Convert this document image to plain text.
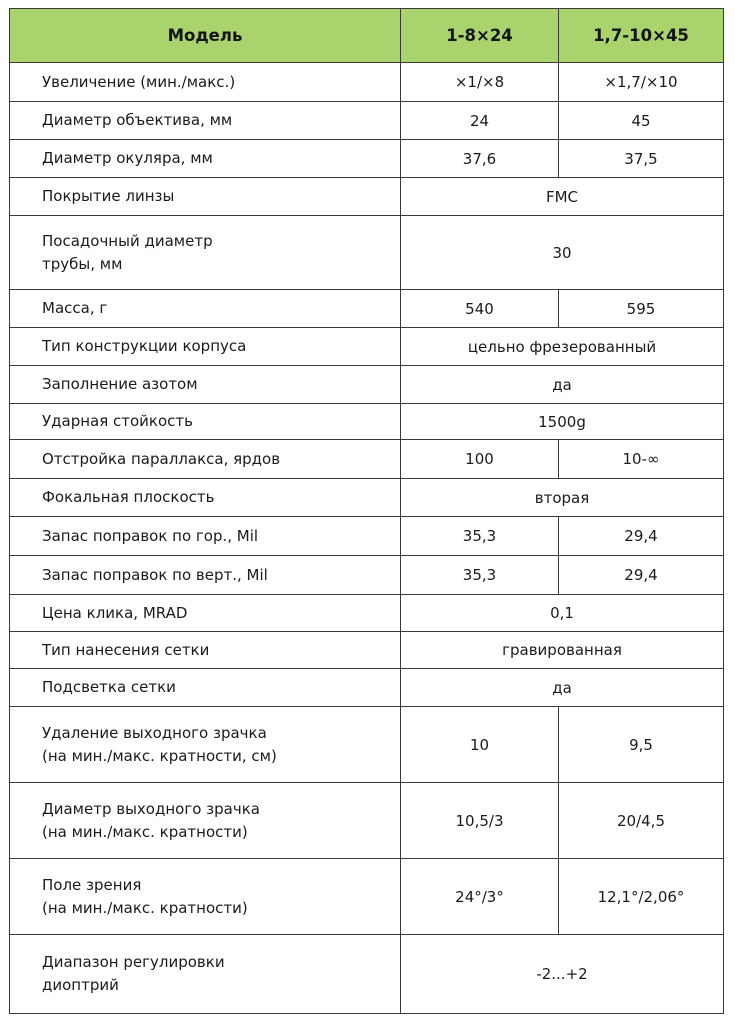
Модель	1-8×24	1,7-10×45
Увеличение (мин./макс.)	×1/×8	×1,7/×10
Диаметр объектива, мм	24	45
Диаметр окуляра, мм	37,6	37,5
Покрытие линзы	FMC	
Посадочный диаметр
трубы, мм	30	
Масса, г	540	595
Тип конструкции корпуса	цельно фрезерованный	
Заполнение азотом	да	
Ударная стойкость	1500g	
Отстройка параллакса, ярдов	100	10-∞
Фокальная плоскость	вторая	
Запас поправок по гор., Mil	35,3	29,4
Запас поправок по верт., Mil	35,3	29,4
Цена клика, MRAD	0,1	
Тип нанесения сетки	гравированная	
Подсветка сетки	да	
Удаление выходного зрачка
(на мин./макс. кратности, см)	10	9,5
Диаметр выходного зрачка
(на мин./макс. кратности)	10,5/3	20/4,5
Поле зрения
(на мин./макс. кратности)	24°/3°	12,1°/2,06°
Диапазон регулировки
диоптрий	-2...+2	
